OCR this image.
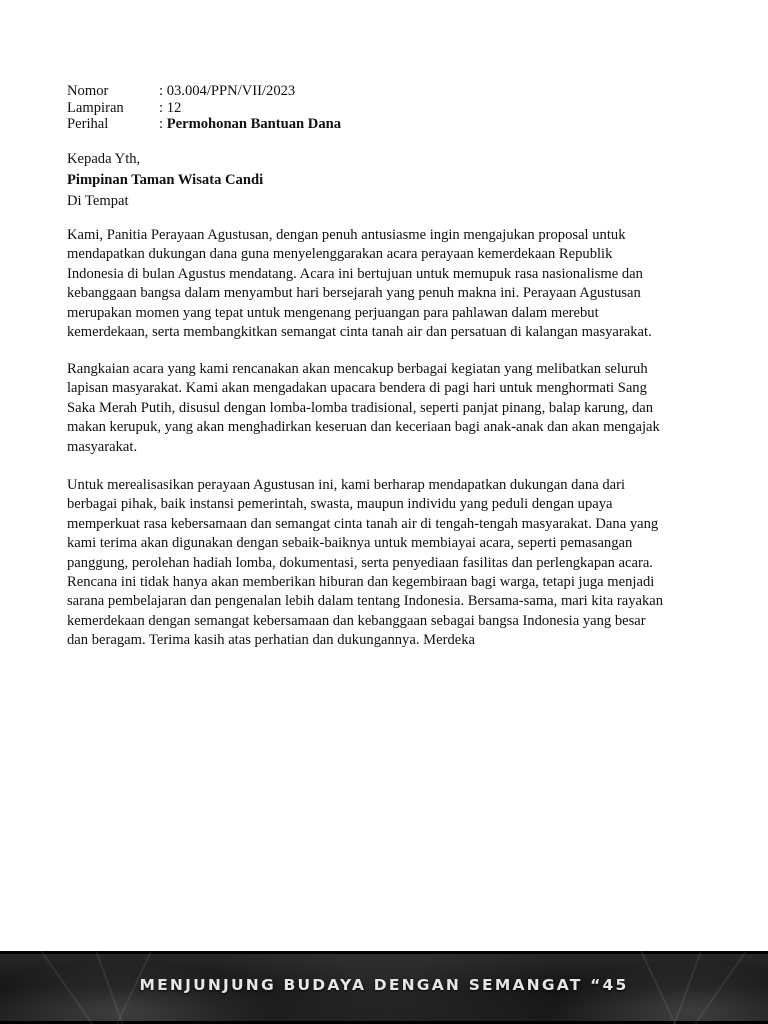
Nomor	: 03.004/PPN/VII/2023
Lampiran	: 12
Perihal	: Permohonan Bantuan Dana
Kepada Yth,
Pimpinan Taman Wisata Candi
Di Tempat
Kami, Panitia Perayaan Agustusan, dengan penuh antusiasme ingin mengajukan proposal untuk
mendapatkan dukungan dana guna menyelenggarakan acara perayaan kemerdekaan Republik
Indonesia di bulan Agustus mendatang. Acara ini bertujuan untuk memupuk rasa nasionalisme dan
kebanggaan bangsa dalam menyambut hari bersejarah yang penuh makna ini. Perayaan Agustusan
merupakan momen yang tepat untuk mengenang perjuangan para pahlawan dalam merebut
kemerdekaan, serta membangkitkan semangat cinta tanah air dan persatuan di kalangan masyarakat.
Rangkaian acara yang kami rencanakan akan mencakup berbagai kegiatan yang melibatkan seluruh
lapisan masyarakat. Kami akan mengadakan upacara bendera di pagi hari untuk menghormati Sang
Saka Merah Putih, disusul dengan lomba-lomba tradisional, seperti panjat pinang, balap karung, dan
makan kerupuk, yang akan menghadirkan keseruan dan keceriaan bagi anak-anak dan akan mengajak
masyarakat.
Untuk merealisasikan perayaan Agustusan ini, kami berharap mendapatkan dukungan dana dari
berbagai pihak, baik instansi pemerintah, swasta, maupun individu yang peduli dengan upaya
memperkuat rasa kebersamaan dan semangat cinta tanah air di tengah-tengah masyarakat. Dana yang
kami terima akan digunakan dengan sebaik-baiknya untuk membiayai acara, seperti pemasangan
panggung, perolehan hadiah lomba, dokumentasi, serta penyediaan fasilitas dan perlengkapan acara.
Rencana ini tidak hanya akan memberikan hiburan dan kegembiraan bagi warga, tetapi juga menjadi
sarana pembelajaran dan pengenalan lebih dalam tentang Indonesia. Bersama-sama, mari kita rayakan
kemerdekaan dengan semangat kebersamaan dan kebanggaan sebagai bangsa Indonesia yang besar
dan beragam. Terima kasih atas perhatian dan dukungannya. Merdeka
MENJUNJUNG BUDAYA DENGAN SEMANGAT “45
